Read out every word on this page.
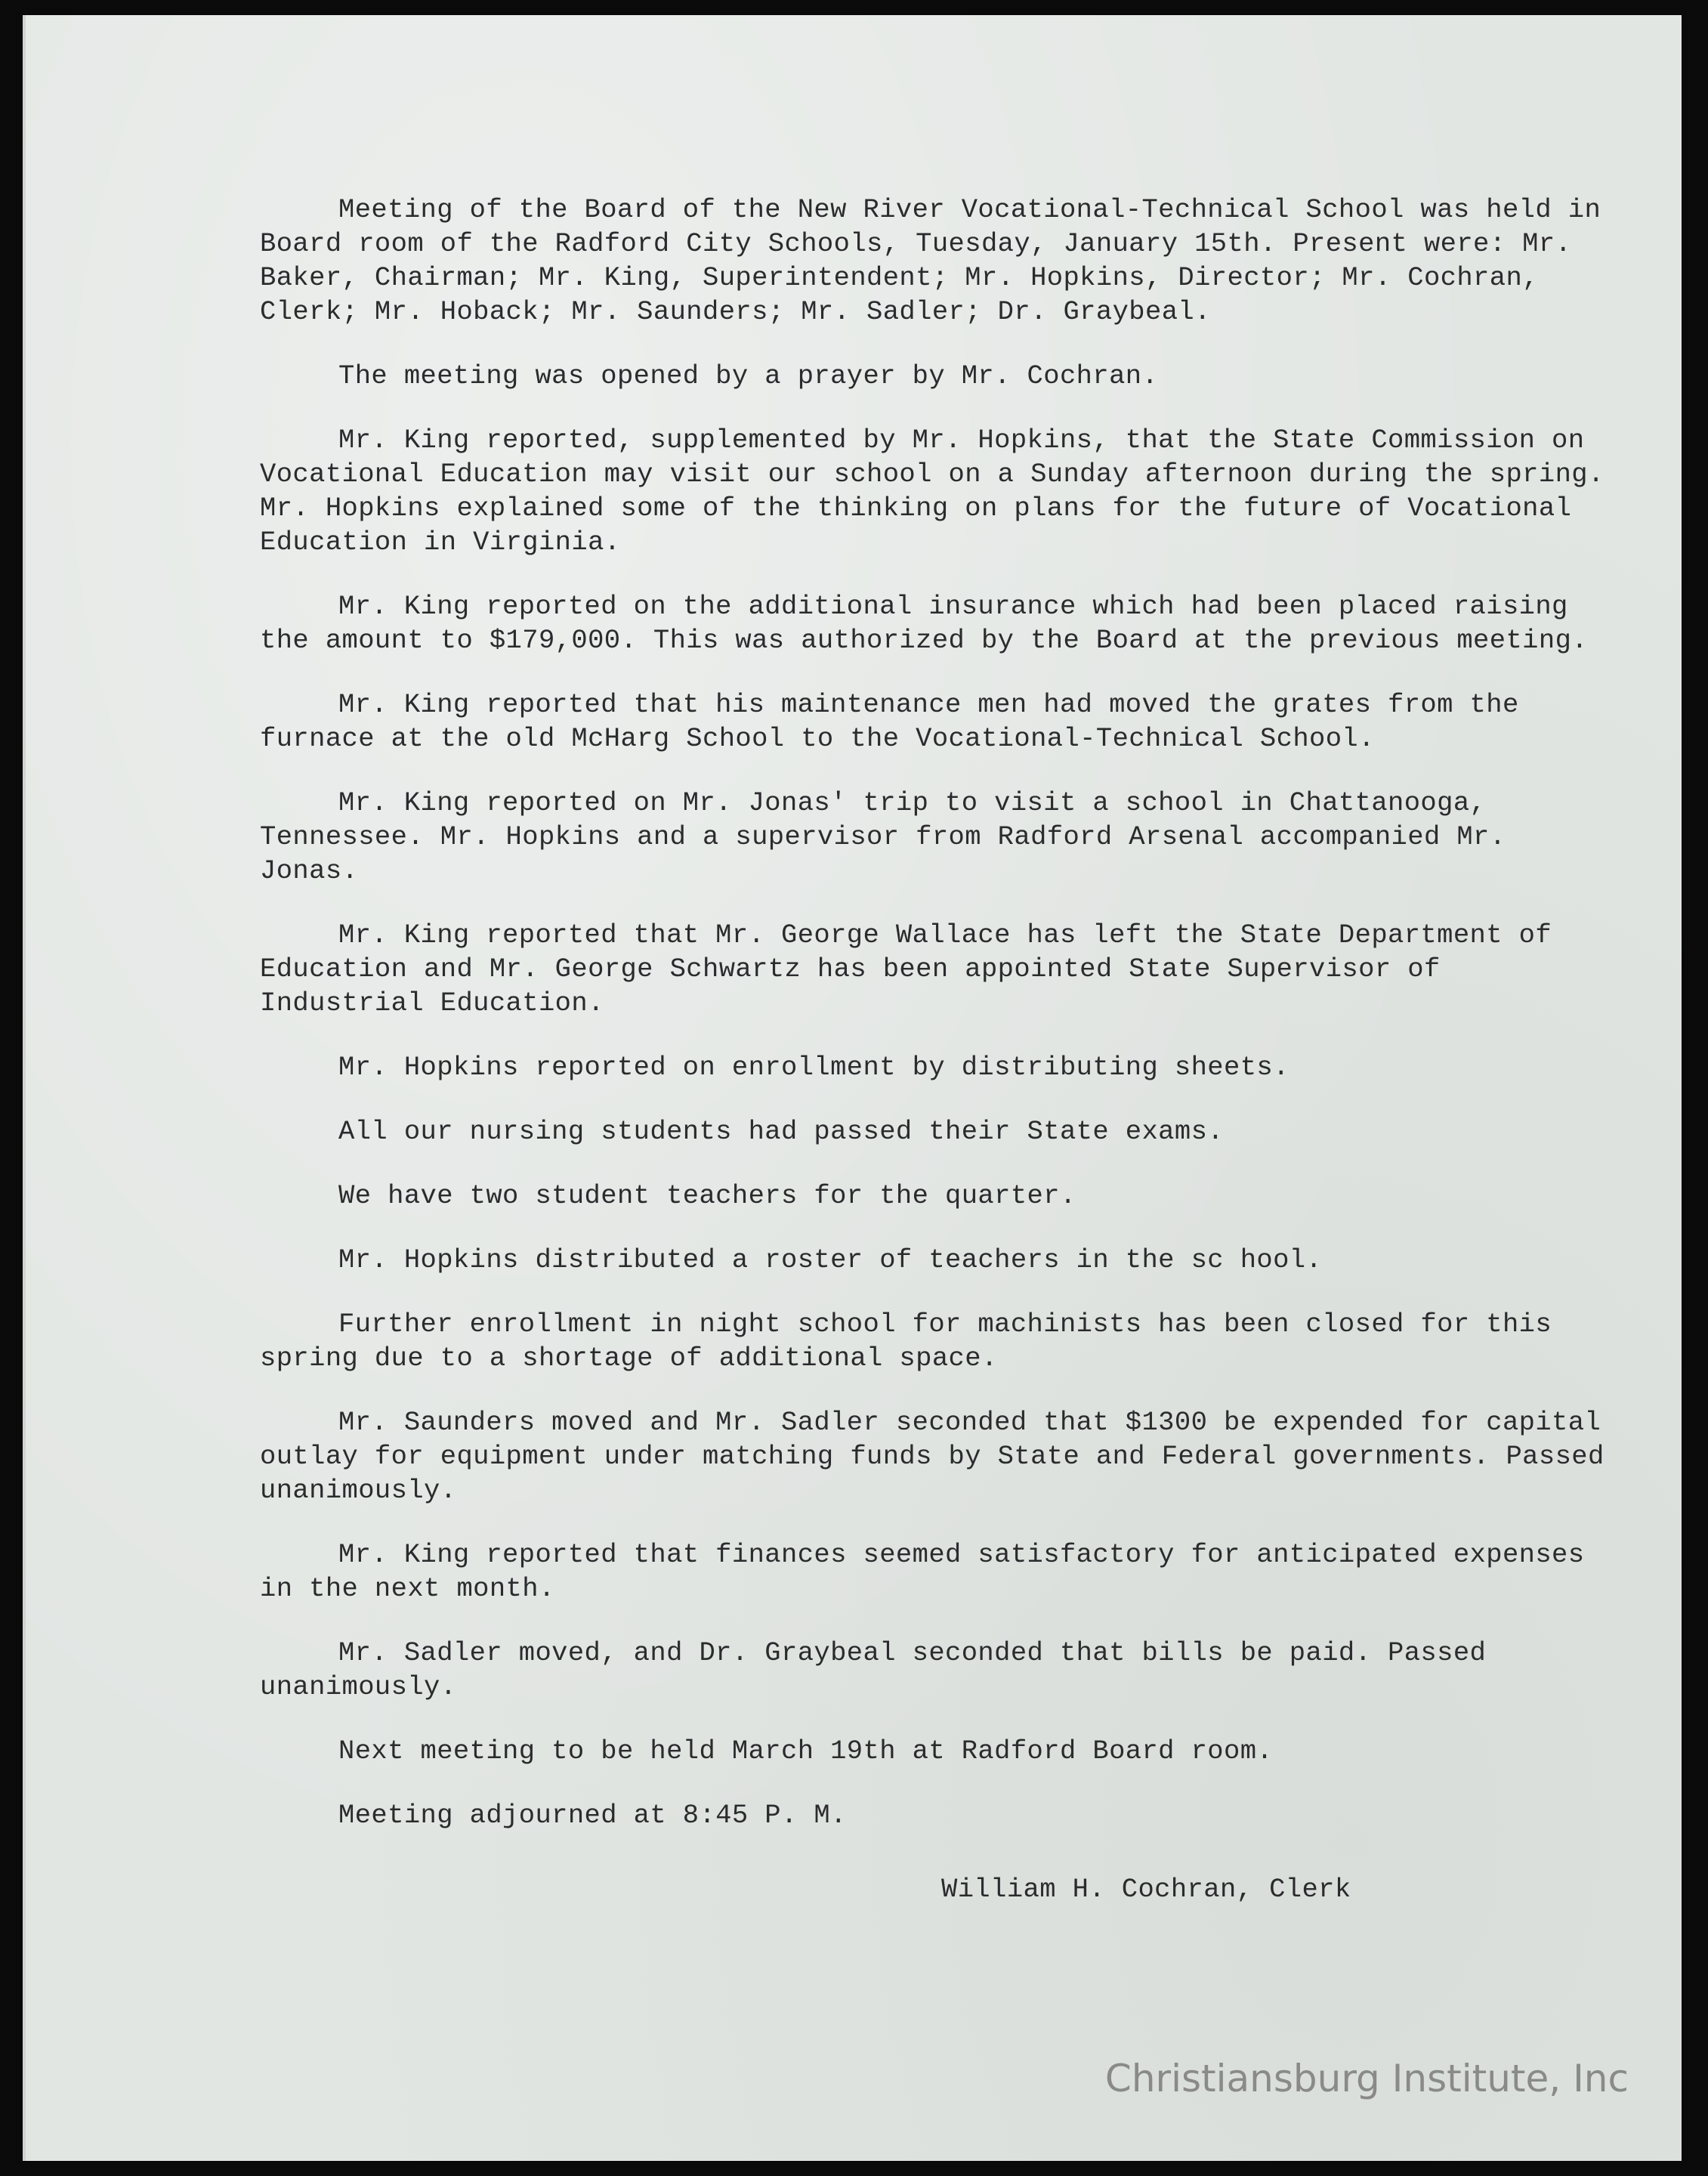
Meeting of the Board of the New River Vocational-Technical School was held in Board room of the Radford City Schools, Tuesday, January 15th. Present were: Mr. Baker, Chairman; Mr. King, Superintendent; Mr. Hopkins, Director; Mr. Cochran, Clerk; Mr. Hoback; Mr. Saunders; Mr. Sadler; Dr. Graybeal.

The meeting was opened by a prayer by Mr. Cochran.

Mr. King reported, supplemented by Mr. Hopkins, that the State Commission on Vocational Education may visit our school on a Sunday afternoon during the spring. Mr. Hopkins explained some of the thinking on plans for the future of Vocational Education in Virginia.

Mr. King reported on the additional insurance which had been placed raising the amount to $179,000. This was authorized by the Board at the previous meeting.

Mr. King reported that his maintenance men had moved the grates from the furnace at the old McHarg School to the Vocational-Technical School.

Mr. King reported on Mr. Jonas' trip to visit a school in Chattanooga, Tennessee. Mr. Hopkins and a supervisor from Radford Arsenal accompanied Mr. Jonas.

Mr. King reported that Mr. George Wallace has left the State Department of Education and Mr. George Schwartz has been appointed State Supervisor of Industrial Education.

Mr. Hopkins reported on enrollment by distributing sheets.

All our nursing students had passed their State exams.

We have two student teachers for the quarter.

Mr. Hopkins distributed a roster of teachers in the sc hool.

Further enrollment in night school for machinists has been closed for this spring due to a shortage of additional space.

Mr. Saunders moved and Mr. Sadler seconded that $1300 be expended for capital outlay for equipment under matching funds by State and Federal governments. Passed unanimously.

Mr. King reported that finances seemed satisfactory for anticipated expenses in the next month.

Mr. Sadler moved, and Dr. Graybeal seconded that bills be paid. Passed unanimously.

Next meeting to be held March 19th at Radford Board room.

Meeting adjourned at 8:45 P. M.

William H. Cochran, Clerk
Christiansburg Institute, Inc
